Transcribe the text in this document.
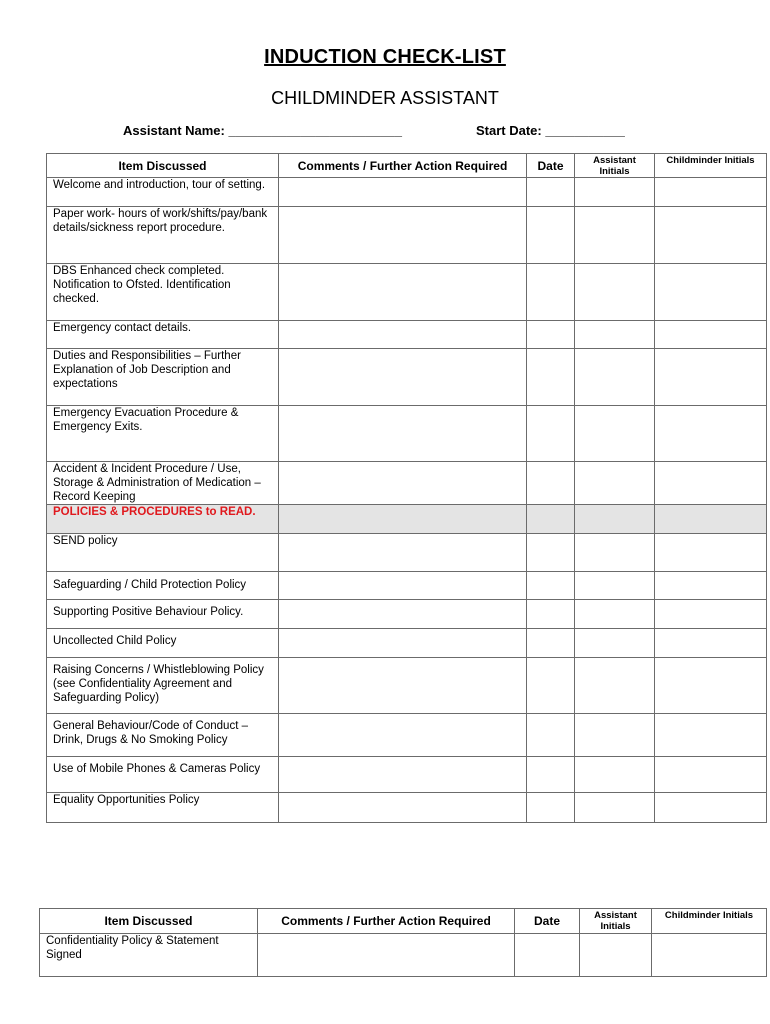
INDUCTION CHECK-LIST
CHILDMINDER ASSISTANT
Assistant Name: ________________________	Start Date: ___________
Item Discussed	Comments / Further Action Required	Date	Assistant Initials	Childminder Initials
Welcome and introduction, tour of setting.				
Paper work- hours of work/shifts/pay/bank details/sickness report procedure.				
DBS Enhanced check completed. Notification to Ofsted. Identification checked.				
Emergency contact details.				
Duties and Responsibilities – Further Explanation of Job Description and expectations				
Emergency Evacuation Procedure & Emergency Exits.				
Accident & Incident Procedure / Use, Storage & Administration of Medication – Record Keeping				
POLICIES & PROCEDURES to READ.				
SEND policy				
Safeguarding / Child Protection Policy				
Supporting Positive Behaviour Policy.				
Uncollected Child Policy				
Raising Concerns / Whistleblowing Policy (see Confidentiality Agreement and Safeguarding Policy)				
General Behaviour/Code of Conduct – Drink, Drugs & No Smoking Policy				
Use of Mobile Phones & Cameras Policy				
Equality Opportunities Policy				
Item Discussed	Comments / Further Action Required	Date	Assistant Initials	Childminder Initials
Confidentiality Policy & Statement Signed				
